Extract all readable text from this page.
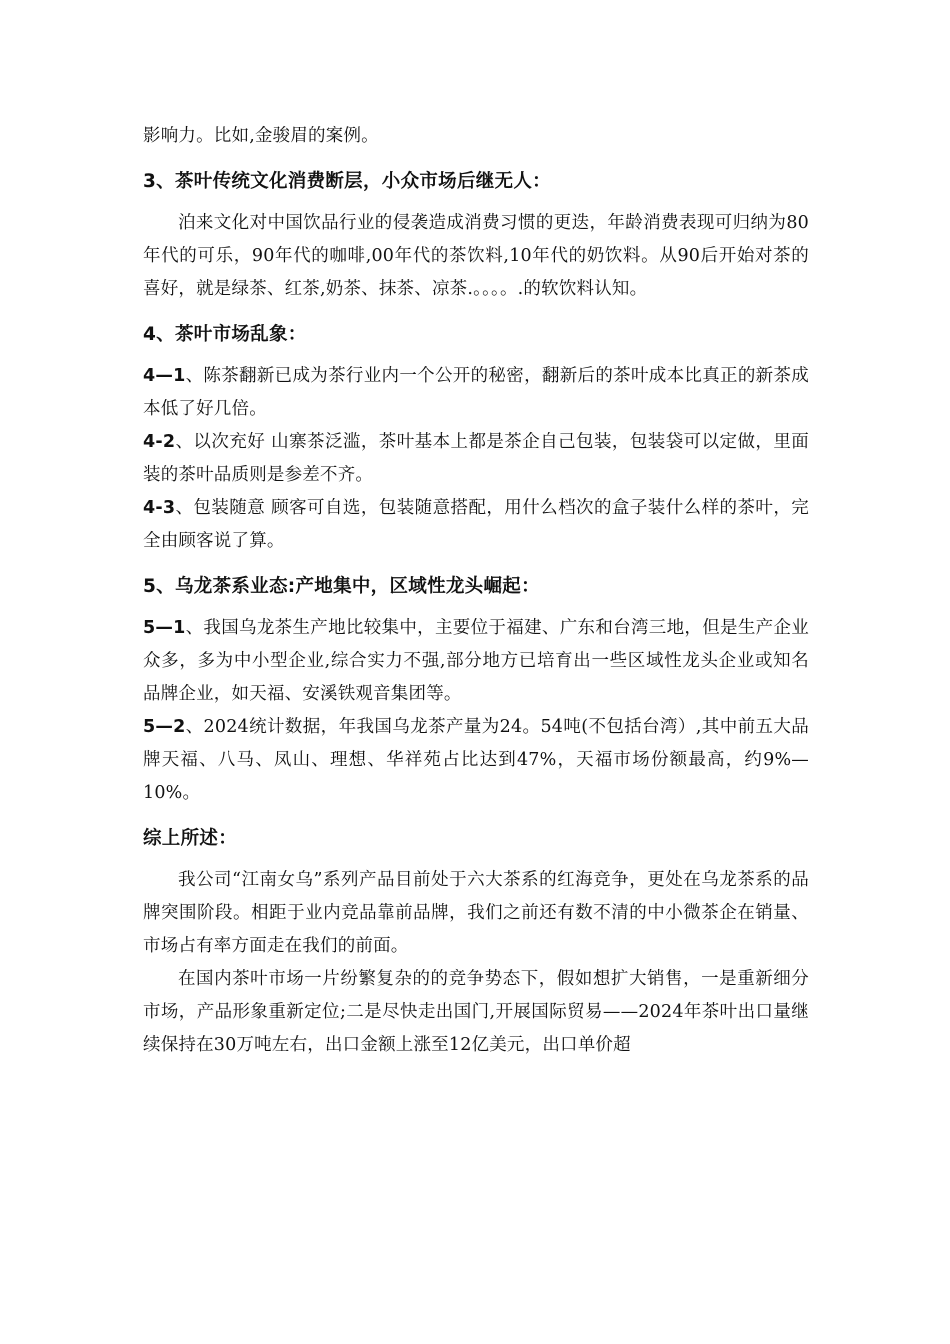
影响力。比如,金骏眉的案例。

3、茶叶传统文化消费断层，小众市场后继无人：

泊来文化对中国饮品行业的侵袭造成消费习惯的更迭，年龄消费表现可归纳为80年代的可乐，90年代的咖啡,00年代的茶饮料,10年代的奶饮料。从90后开始对茶的喜好，就是绿茶、红茶,奶茶、抹茶、凉茶.。。。。.的软饮料认知。

4、茶叶市场乱象：

4—1、陈茶翻新已成为茶行业内一个公开的秘密，翻新后的茶叶成本比真正的新茶成本低了好几倍。

4-2、以次充好 山寨茶泛滥，茶叶基本上都是茶企自己包装，包装袋可以定做，里面装的茶叶品质则是参差不齐。

4-3、包装随意 顾客可自选，包装随意搭配，用什么档次的盒子装什么样的茶叶，完全由顾客说了算。

5、乌龙茶系业态:产地集中，区域性龙头崛起：

5—1、我国乌龙茶生产地比较集中，主要位于福建、广东和台湾三地，但是生产企业众多，多为中小型企业,综合实力不强,部分地方已培育出一些区域性龙头企业或知名品牌企业，如天福、安溪铁观音集团等。

5—2、2024统计数据，年我国乌龙茶产量为24。54吨(不包括台湾）,其中前五大品牌天福、八马、凤山、理想、华祥苑占比达到47%，天福市场份额最高，约9%—10%。

综上所述：

我公司“江南女乌”系列产品目前处于六大茶系的红海竞争，更处在乌龙茶系的品牌突围阶段。相距于业内竞品靠前品牌，我们之前还有数不清的中小微茶企在销量、市场占有率方面走在我们的前面。

在国内茶叶市场一片纷繁复杂的的竞争势态下，假如想扩大销售，一是重新细分市场，产品形象重新定位;二是尽快走出国门,开展国际贸易——2024年茶叶出口量继续保持在30万吨左右，出口金额上涨至12亿美元，出口单价超
